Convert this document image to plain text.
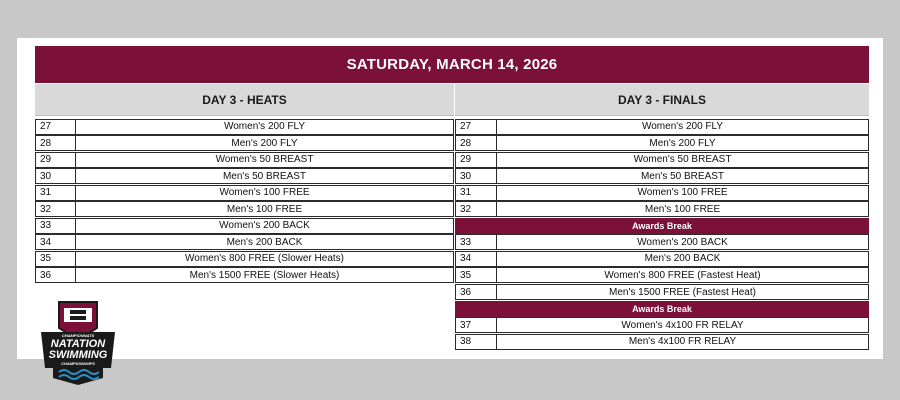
SATURDAY, MARCH 14, 2026
DAY 3 - HEATS
27	Women's 200 FLY
28	Men's 200 FLY
29	Women's 50 BREAST
30	Men's 50 BREAST
31	Women's 100 FREE
32	Men's 100 FREE
33	Women's 200 BACK
34	Men's 200 BACK
35	Women's 800 FREE (Slower Heats)
36	Men's 1500 FREE (Slower Heats)
DAY 3 - FINALS
27	Women's 200 FLY
28	Men's 200 FLY
29	Women's 50 BREAST
30	Men's 50 BREAST
31	Women's 100 FREE
32	Men's 100 FREE
Awards Break
33	Women's 200 BACK
34	Men's 200 BACK
35	Women's 800 FREE (Fastest Heat)
36	Men's 1500 FREE (Fastest Heat)
Awards Break
37	Women's 4x100 FR RELAY
38	Men's 4x100 FR RELAY
CHAMPIONNATS
NATATION
SWIMMING
CHAMPIONSHIPS
